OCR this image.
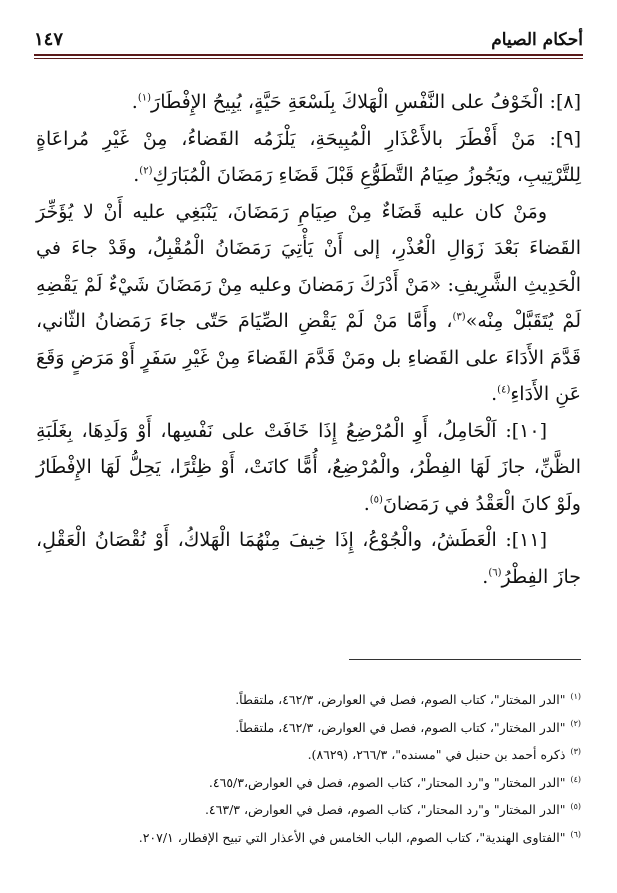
أحكام الصيام
١٤٧

[٨]: الْخَوْفُ على النَّفْسِ الْهَلاكَ بِلَسْعَةِ حَيَّةٍ، يُبِيحُ الإِفْطَارَ$^{(١)}$.

[٩]: مَنْ أَفْطَرَ بالأَعْذَارِ الْمُبِيحَةِ، يَلْزَمُه القَضاءُ، مِنْ غَيْرِ مُراعَاةٍ لِلتَّرْتِيبِ، ويَجُوزُ صِيَامُ التَّطَوُّعِ قَبْلَ قَضَاءِ رَمَضَانَ الْمُبَارَكِ$^{(٢)}$.

ومَنْ كان عليه قَضَاءٌ مِنْ صِيَامِ رَمَضَانَ، يَنْبَغِي عليه أَنْ لا يُؤَخِّرَ القَضاءَ بَعْدَ زَوَالِ الْعُذْرِ، إلى أَنْ يَأْتِيَ رَمَضَانُ الْمُقْبِلُ، وقَدْ جاءَ في الْحَدِيثِ الشَّرِيفِ: «مَنْ أَدْرَكَ رَمَضانَ وعليه مِنْ رَمَضَانَ شَيْءٌ لَمْ يَقْضِهِ لَمْ يُتَقَبَّلْ مِنْه»$^{(٣)}$، وأَمَّا مَنْ لَمْ يَقْضِ الصِّيَامَ حَتّى جاءَ رَمَضانُ الثّاني، قَدَّمَ الأَدَاءَ على القَضاءِ بل ومَنْ قَدَّمَ القَضاءَ مِنْ غَيْرِ سَفَرٍ أَوْ مَرَضٍ وَقَعَ عَنِ الأَدَاءِ$^{(٤)}$.

[١٠]: اَلْحَامِلُ، أَوِ الْمُرْضِعُ إِذَا خَافَتْ على نَفْسِها، أَوْ وَلَدِهَا، بِغَلَبَةِ الظَّنِّ، جازَ لَهَا الفِطْرُ، والْمُرْضِعُ، أُمًّا كانَتْ، أَوْ ظِئْرًا، يَحِلُّ لَهَا الإِفْطَارُ ولَوْ كانَ الْعَقْدُ في رَمَضانَ$^{(٥)}$.

[١١]: الْعَطَشُ، والْجُوْعُ، إِذَا خِيفَ مِنْهُمَا الْهَلاكُ، أَوْ نُقْصَانُ الْعَقْلِ، جازَ الفِطْرُ$^{(٦)}$.

$^{(١)}$"الدر المختار"، كتاب الصوم، فصل في العوارض، ٤٦٢/٣، ملتقطاً.
$^{(٢)}$"الدر المختار"، كتاب الصوم، فصل في العوارض، ٤٦٢/٣، ملتقطاً.
$^{(٣)}$ذكره أحمد بن حنبل في "مسنده"، ٢٦٦/٣، (٨٦٢٩).
$^{(٤)}$"الدر المختار" و"رد المحتار"، كتاب الصوم، فصل في العوارض،٤٦٥/٣.
$^{(٥)}$"الدر المختار" و"رد المحتار"، كتاب الصوم، فصل في العوارض، ٤٦٣/٣.
$^{(٦)}$"الفتاوى الهندية"، كتاب الصوم، الباب الخامس في الأعذار التي تبيح الإفطار، ٢٠٧/١.
